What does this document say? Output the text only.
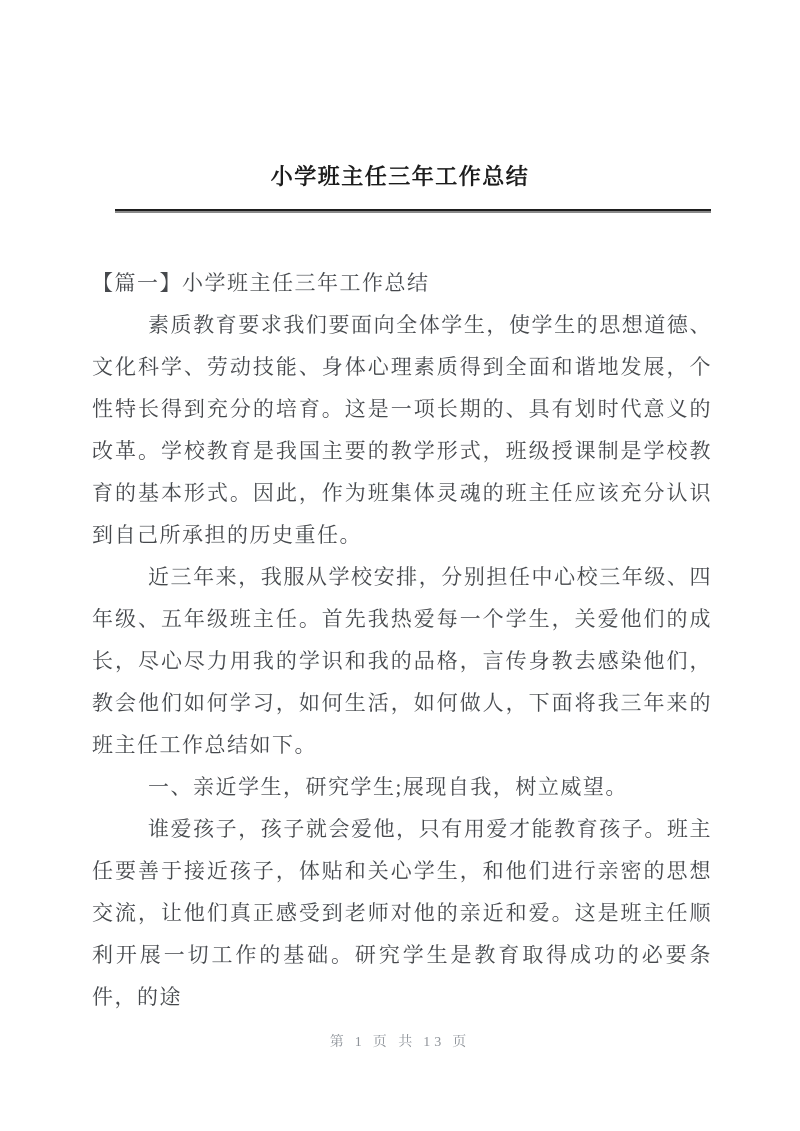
小学班主任三年工作总结

【篇一】小学班主任三年工作总结

素质教育要求我们要面向全体学生，使学生的思想道德、文化科学、劳动技能、身体心理素质得到全面和谐地发展，个性特长得到充分的培育。这是一项长期的、具有划时代意义的改革。学校教育是我国主要的教学形式，班级授课制是学校教育的基本形式。因此，作为班集体灵魂的班主任应该充分认识到自己所承担的历史重任。

近三年来，我服从学校安排，分别担任中心校三年级、四年级、五年级班主任。首先我热爱每一个学生，关爱他们的成长，尽心尽力用我的学识和我的品格，言传身教去感染他们，教会他们如何学习，如何生活，如何做人，下面将我三年来的班主任工作总结如下。

一、亲近学生，研究学生;展现自我，树立威望。

谁爱孩子，孩子就会爱他，只有用爱才能教育孩子。班主任要善于接近孩子，体贴和关心学生，和他们进行亲密的思想交流，让他们真正感受到老师对他的亲近和爱。这是班主任顺利开展一切工作的基础。研究学生是教育取得成功的必要条件，的途

第 1 页 共 13 页
